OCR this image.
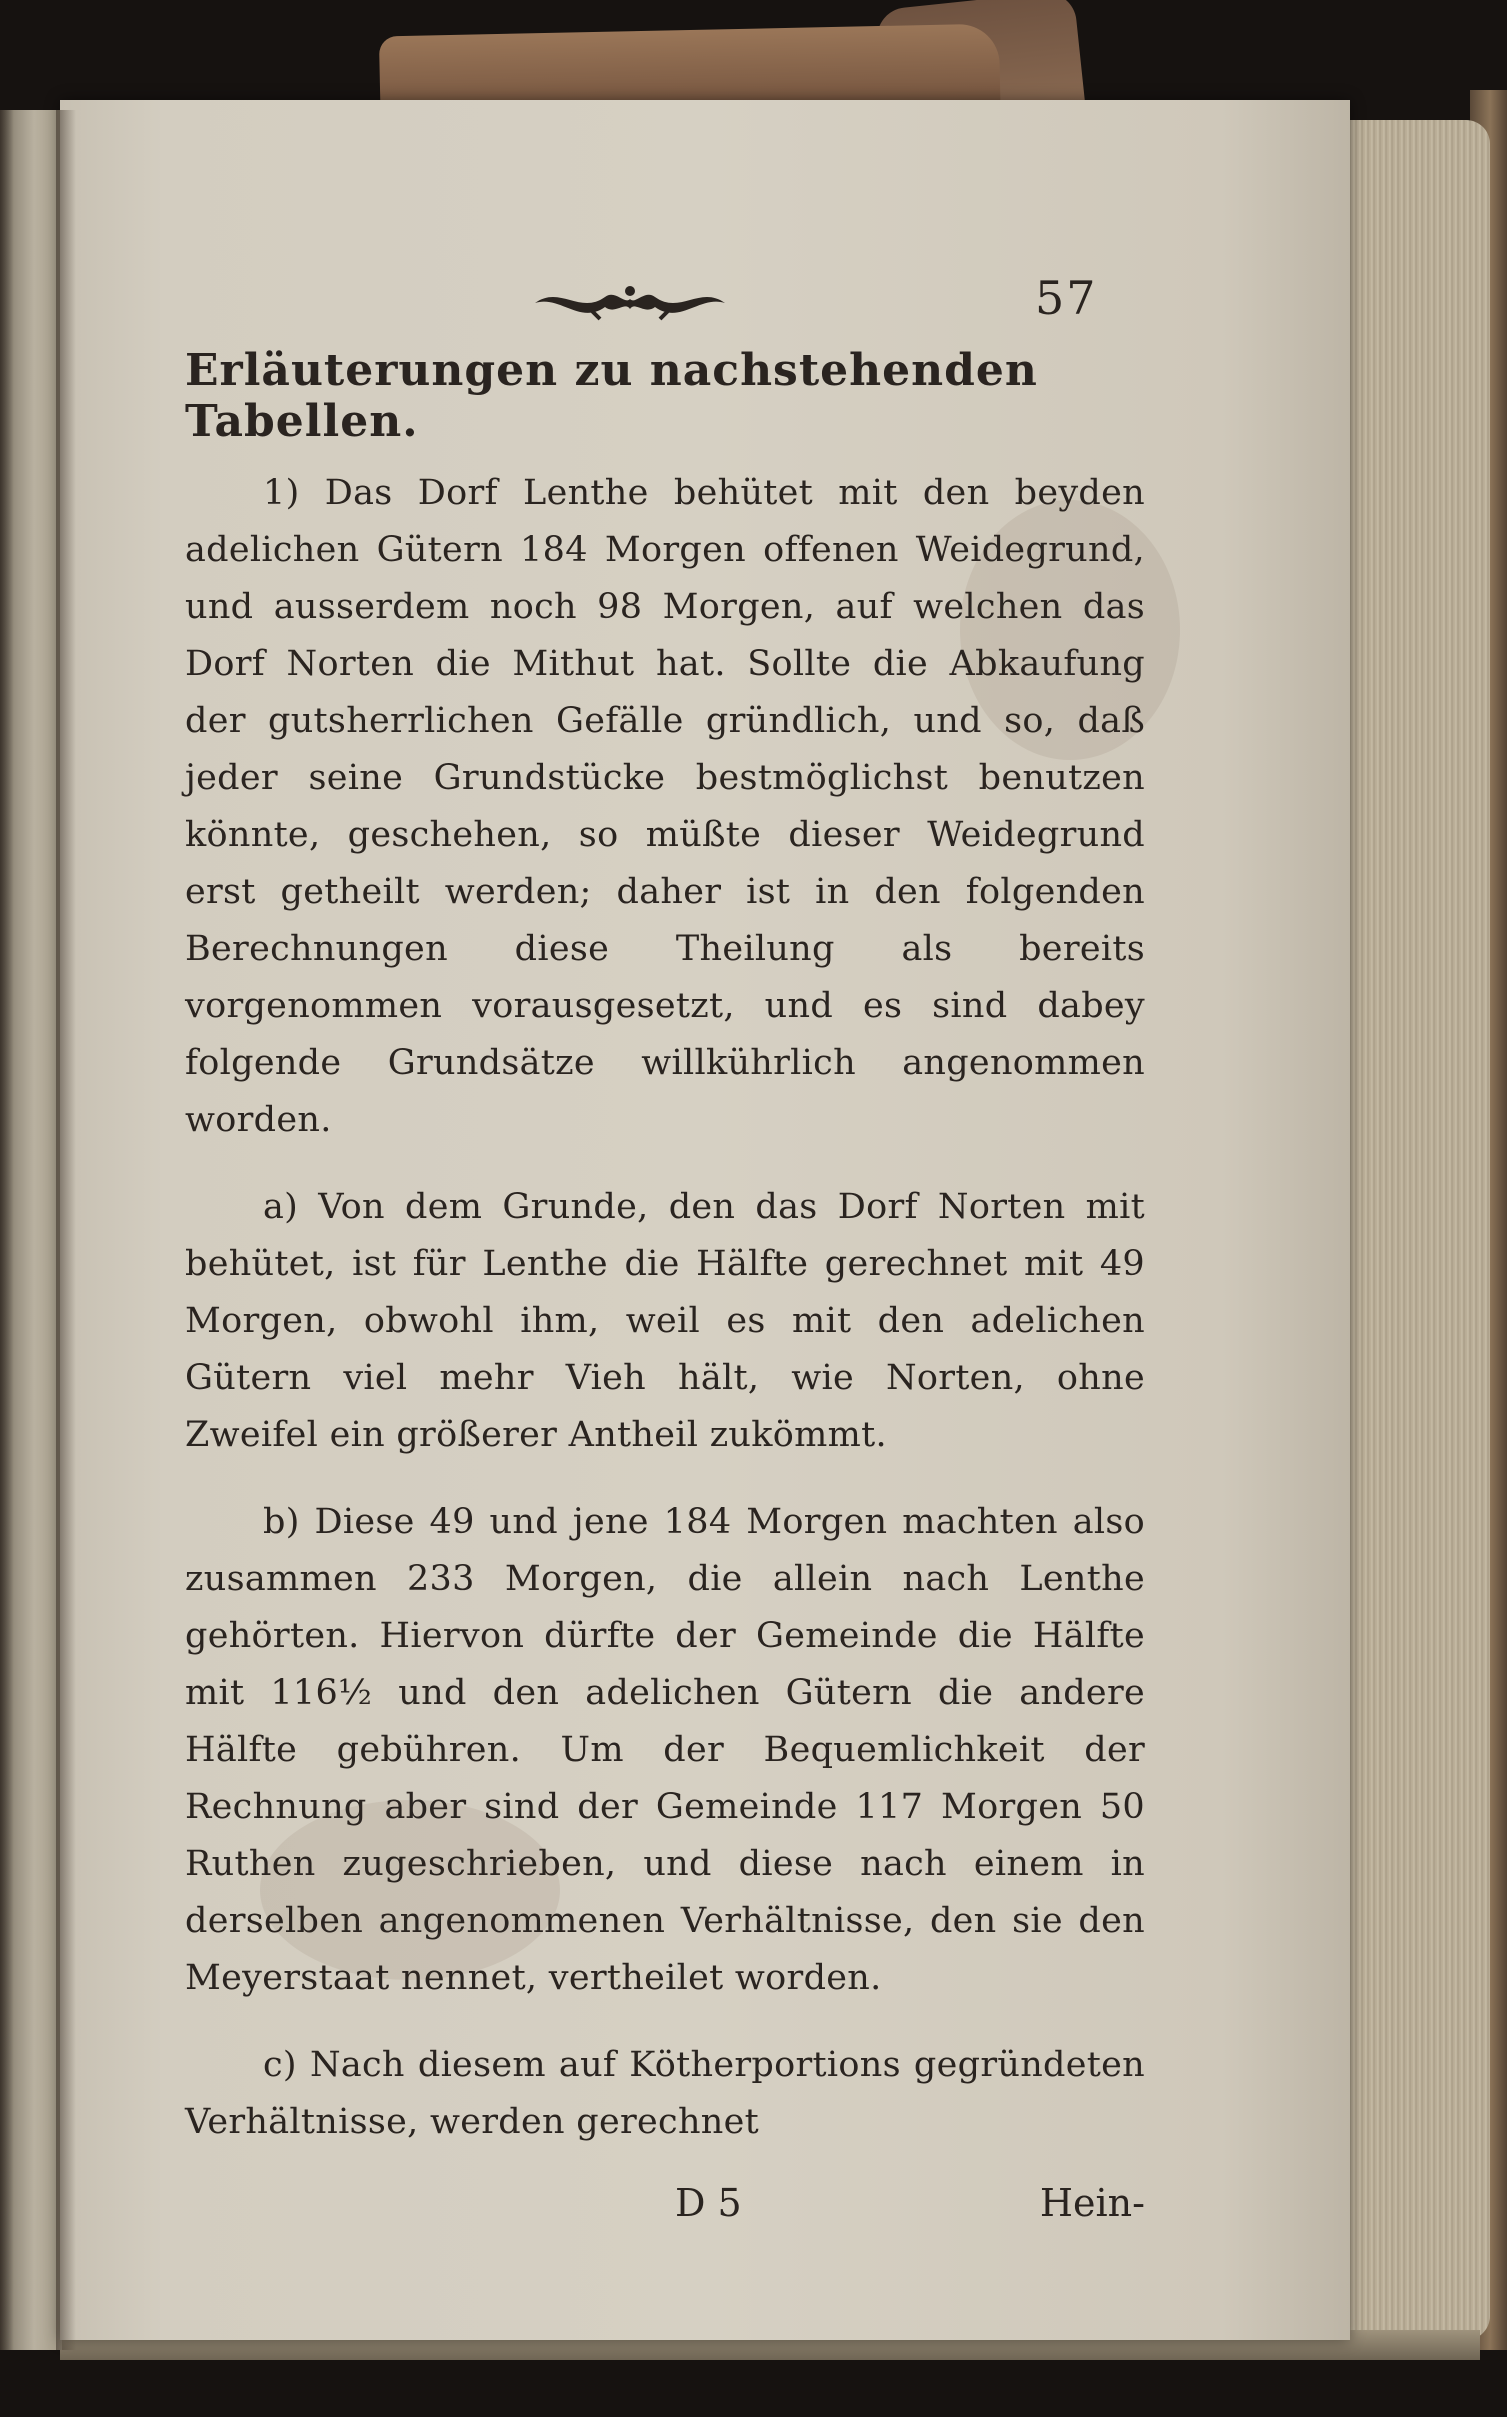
57
Erläuterungen zu nachstehenden Tabellen.

1) Das Dorf Lenthe behütet mit den beyden adelichen Gütern 184 Morgen offenen Weidegrund, und ausserdem noch 98 Morgen, auf welchen das Dorf Norten die Mithut hat. Sollte die Abkaufung der gutsherrlichen Gefälle gründlich, und so, daß jeder seine Grundstücke bestmöglichst benutzen könnte, geschehen, so müßte dieser Weidegrund erst getheilt werden; daher ist in den folgenden Berechnungen diese Theilung als bereits vorgenommen vorausgesetzt, und es sind dabey folgende Grundsätze willkührlich angenommen worden.

a) Von dem Grunde, den das Dorf Norten mit behütet, ist für Lenthe die Hälfte gerechnet mit 49 Morgen, obwohl ihm, weil es mit den adelichen Gütern viel mehr Vieh hält, wie Norten, ohne Zweifel ein größerer Antheil zukömmt.

b) Diese 49 und jene 184 Morgen machten also zusammen 233 Morgen, die allein nach Lenthe gehörten. Hiervon dürfte der Gemeinde die Hälfte mit 116½ und den adelichen Gütern die andere Hälfte gebühren. Um der Bequemlichkeit der Rechnung aber sind der Gemeinde 117 Morgen 50 Ruthen zugeschrieben, und diese nach einem in derselben angenommenen Verhältnisse, den sie den Meyerstaat nennet, vertheilet worden.

c) Nach diesem auf Kötherportions gegründeten Verhältnisse, werden gerechnet

D 5	Hein-
